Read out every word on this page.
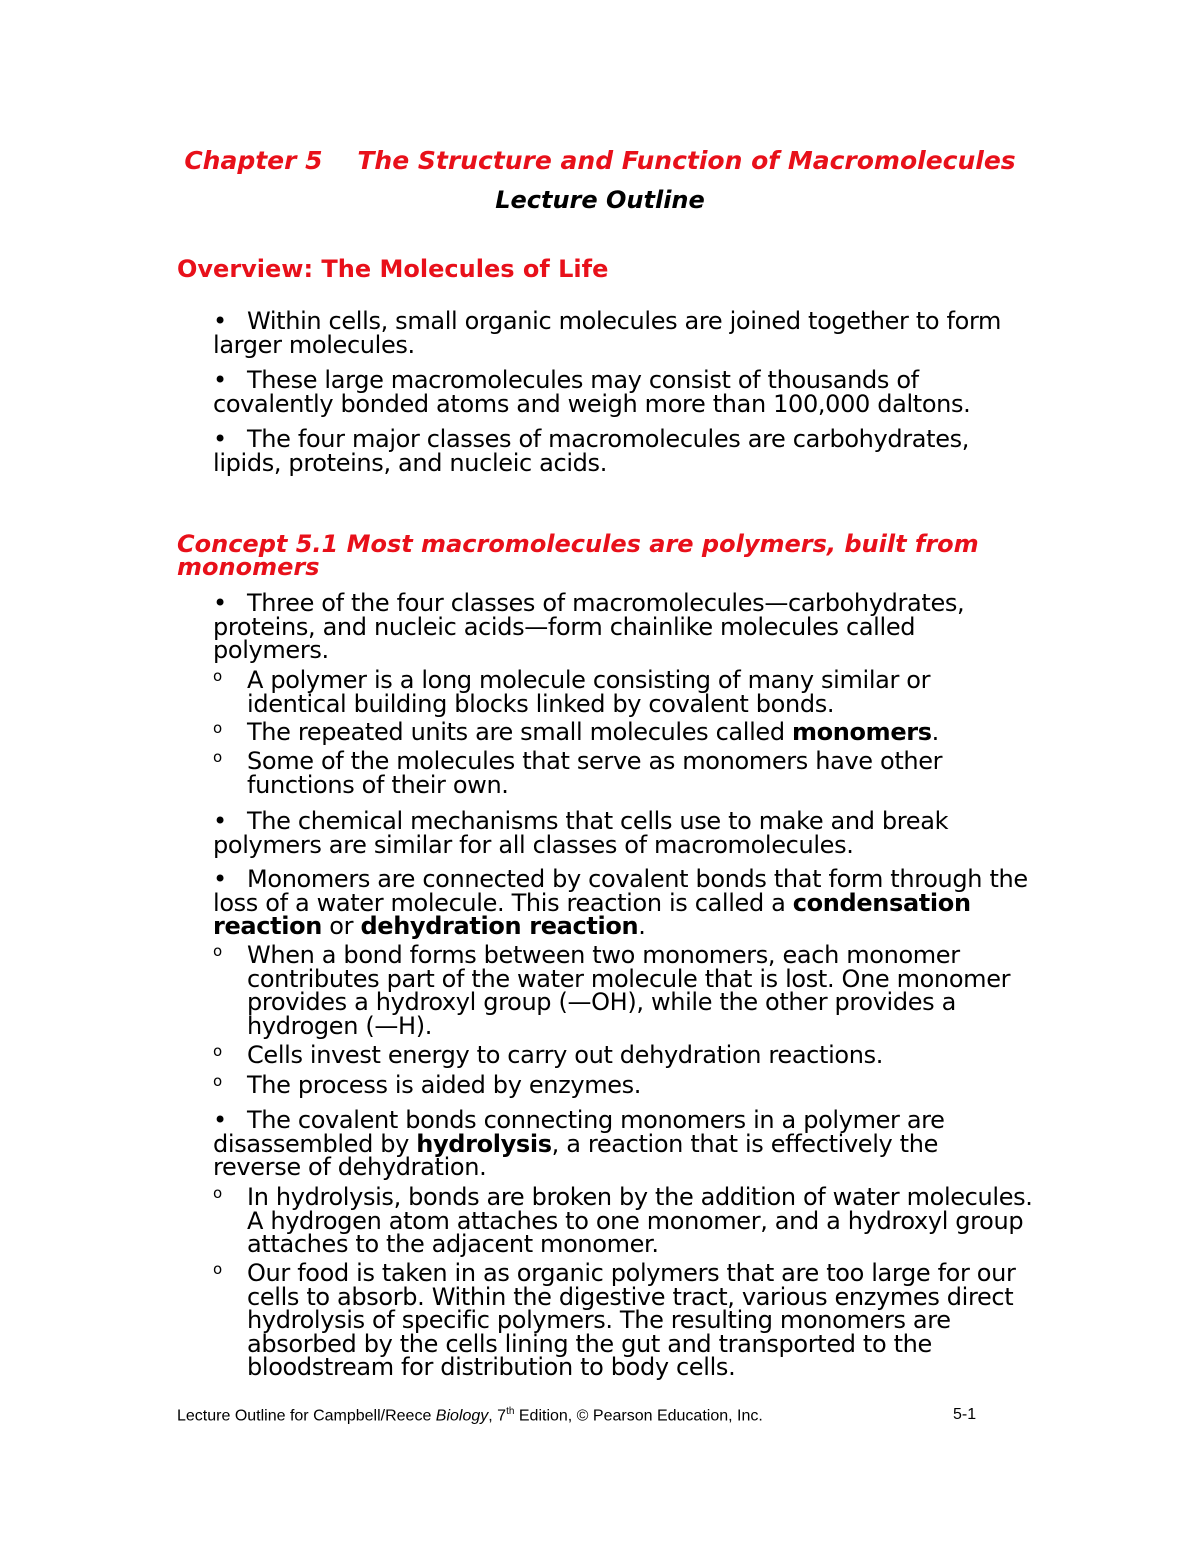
Chapter 5    The Structure and Function of Macromolecules
Lecture Outline
Overview: The Molecules of Life
• Within cells, small organic molecules are joined together to form larger molecules.
• These large macromolecules may consist of thousands of covalently bonded atoms and weigh more than 100,000 daltons.
• The four major classes of macromolecules are carbohydrates, lipids, proteins, and nucleic acids.
Concept 5.1 Most macromolecules are polymers, built from monomers
• Three of the four classes of macromolecules—carbohydrates, proteins, and nucleic acids—form chainlike molecules called polymers.
o A polymer is a long molecule consisting of many similar or identical building blocks linked by covalent bonds.
o The repeated units are small molecules called monomers.
o Some of the molecules that serve as monomers have other functions of their own.
• The chemical mechanisms that cells use to make and break polymers are similar for all classes of macromolecules.
• Monomers are connected by covalent bonds that form through the loss of a water molecule. This reaction is called a condensation reaction or dehydration reaction.
o When a bond forms between two monomers, each monomer contributes part of the water molecule that is lost. One monomer provides a hydroxyl group (—OH), while the other provides a hydrogen (—H).
o Cells invest energy to carry out dehydration reactions.
o The process is aided by enzymes.
• The covalent bonds connecting monomers in a polymer are disassembled by hydrolysis, a reaction that is effectively the reverse of dehydration.
o In hydrolysis, bonds are broken by the addition of water molecules. A hydrogen atom attaches to one monomer, and a hydroxyl group attaches to the adjacent monomer.
o Our food is taken in as organic polymers that are too large for our cells to absorb. Within the digestive tract, various enzymes direct hydrolysis of specific polymers. The resulting monomers are absorbed by the cells lining the gut and transported to the bloodstream for distribution to body cells.
Lecture Outline for Campbell/Reece Biology, 7th Edition, © Pearson Education, Inc.	5-1
